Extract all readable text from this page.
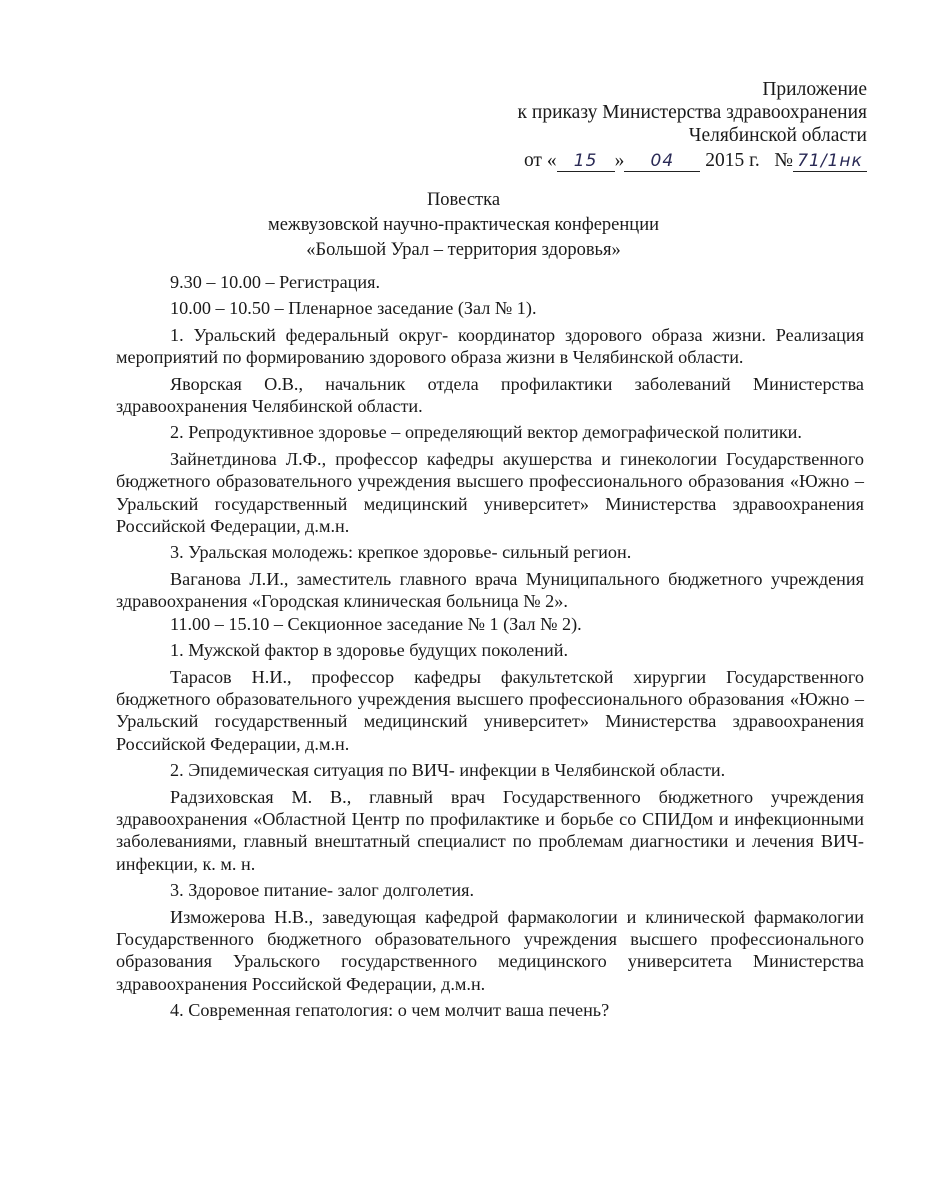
Приложение
к приказу Министерства здравоохранения
Челябинской области
от « 15 » 04 2015 г. № 71/1нк
Повестка
межвузовской научно-практическая конференции
«Большой Урал – территория здоровья»

9.30 – 10.00 – Регистрация.

10.00 – 10.50 – Пленарное заседание (Зал № 1).

1. Уральский федеральный округ- координатор здорового образа жизни. Реализация мероприятий по формированию здорового образа жизни в Челябинской области.

Яворская О.В., начальник отдела профилактики заболеваний Министерства здравоохранения Челябинской области.

2. Репродуктивное здоровье – определяющий вектор демографической политики.

Зайнетдинова Л.Ф., профессор кафедры акушерства и гинекологии Государственного бюджетного образовательного учреждения высшего профессионального образования «Южно – Уральский государственный медицинский университет» Министерства здравоохранения Российской Федерации, д.м.н.

3. Уральская молодежь: крепкое здоровье- сильный регион.

Ваганова Л.И., заместитель главного врача Муниципального бюджетного учреждения здравоохранения «Городская клиническая больница № 2».

11.00 – 15.10 – Секционное заседание № 1 (Зал № 2).

1. Мужской фактор в здоровье будущих поколений.

Тарасов Н.И., профессор кафедры факультетской хирургии Государственного бюджетного образовательного учреждения высшего профессионального образования «Южно – Уральский государственный медицинский университет» Министерства здравоохранения Российской Федерации, д.м.н.

2. Эпидемическая ситуация по ВИЧ- инфекции в Челябинской области.

Радзиховская М. В., главный врач Государственного бюджетного учреждения здравоохранения «Областной Центр по профилактике и борьбе со СПИДом и инфекционными заболеваниями, главный внештатный специалист по проблемам диагностики и лечения ВИЧ-инфекции, к. м. н.

3. Здоровое питание- залог долголетия.

Изможерова Н.В., заведующая кафедрой фармакологии и клинической фармакологии Государственного бюджетного образовательного учреждения высшего профессионального образования Уральского государственного медицинского университета Министерства здравоохранения Российской Федерации, д.м.н.

4. Современная гепатология: о чем молчит ваша печень?
